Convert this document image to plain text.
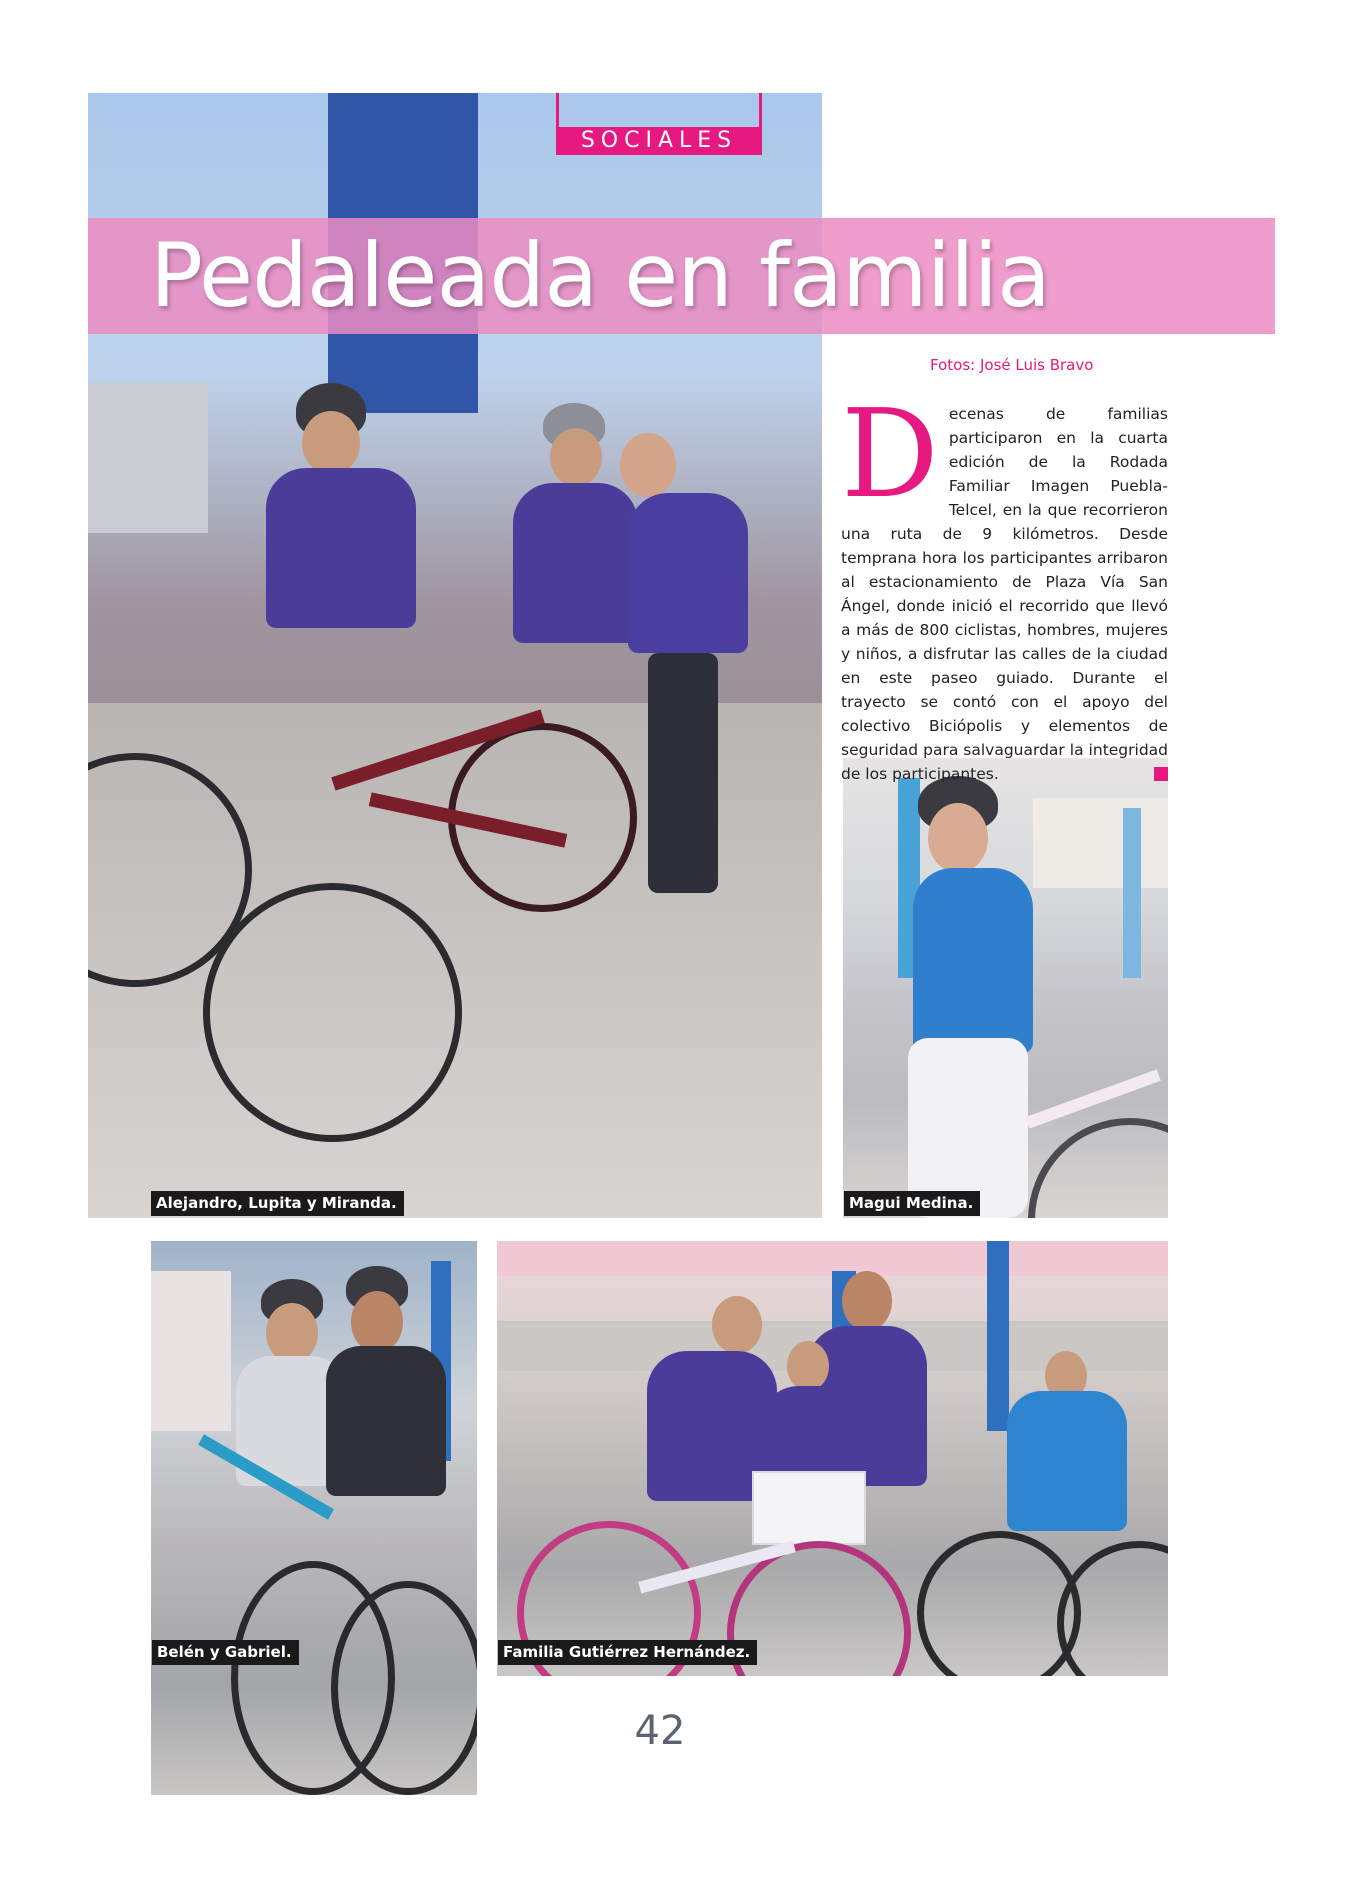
Alejandro, Lupita y Miranda.	Magui Medina.
Belén y Gabriel.	Familia Gutiérrez Hernández.
SOCIALES
Pedaleada en familia
Fotos: José Luis Bravo
Decenas de familias participaron en la cuarta edición de la Rodada Familiar Imagen Puebla-Telcel, en la que recorrieron una ruta de 9 kilómetros. Desde temprana hora los participantes arribaron al estacionamiento de Plaza Vía San Ángel, donde inició el recorrido que llevó a más de 800 ciclistas, hombres, mujeres y niños, a disfrutar las calles de la ciudad en este paseo guiado. Durante el trayecto se contó con el apoyo del colectivo Biciópolis y elementos de seguridad para salvaguardar la integridad de los participantes.
42
